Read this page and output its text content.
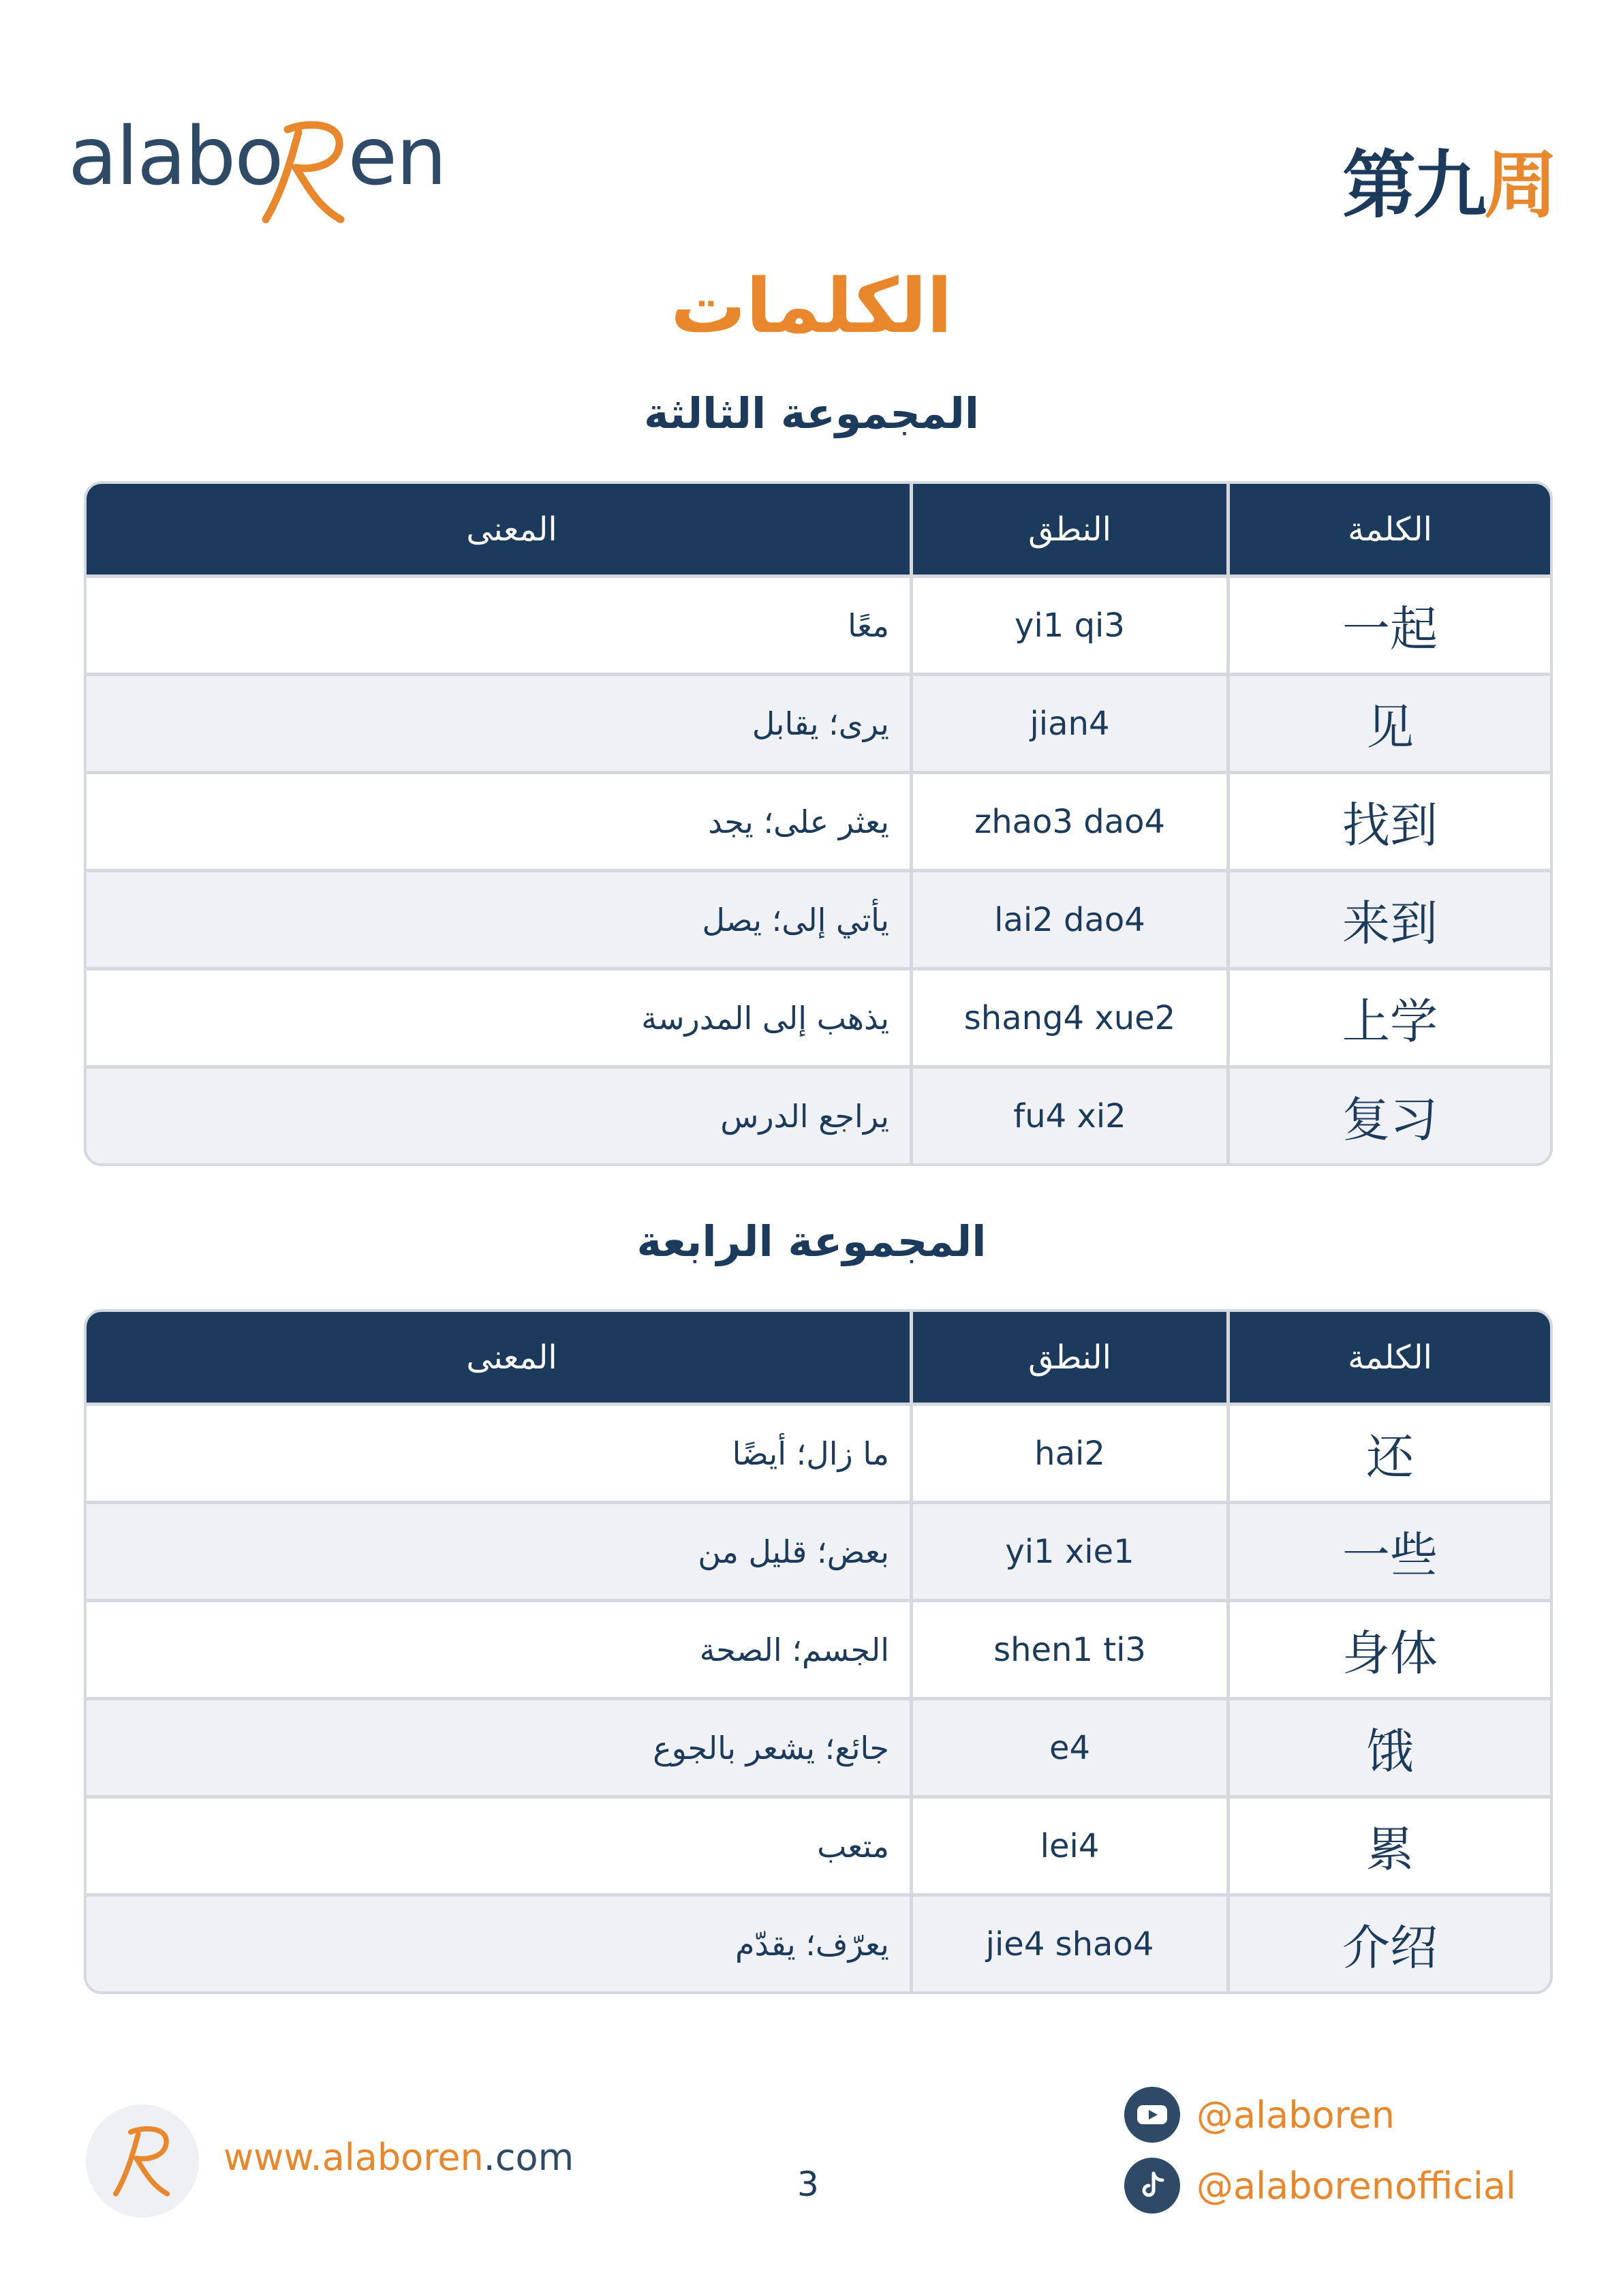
alabo en	第九周
الكلمات
المجموعة الثالثة
الكلمة
النطق
المعنى
一起
yi1 qi3
معًا
见
jian4
يرى؛ يقابل
找到
zhao3 dao4
يعثر على؛ يجد
来到
lai2 dao4
يأتي إلى؛ يصل
上学
shang4 xue2
يذهب إلى المدرسة
复习
fu4 xi2
يراجع الدرس
المجموعة الرابعة
الكلمة
النطق
المعنى
还
hai2
ما زال؛ أيضًا
一些
yi1 xie1
بعض؛ قليل من
身体
shen1 ti3
الجسم؛ الصحة
饿
e4
جائع؛ يشعر بالجوع
累
lei4
متعب
介绍
jie4 shao4
يعرّف؛ يقدّم
www.alaboren.com
3
@alaboren
@alaborenofficial
